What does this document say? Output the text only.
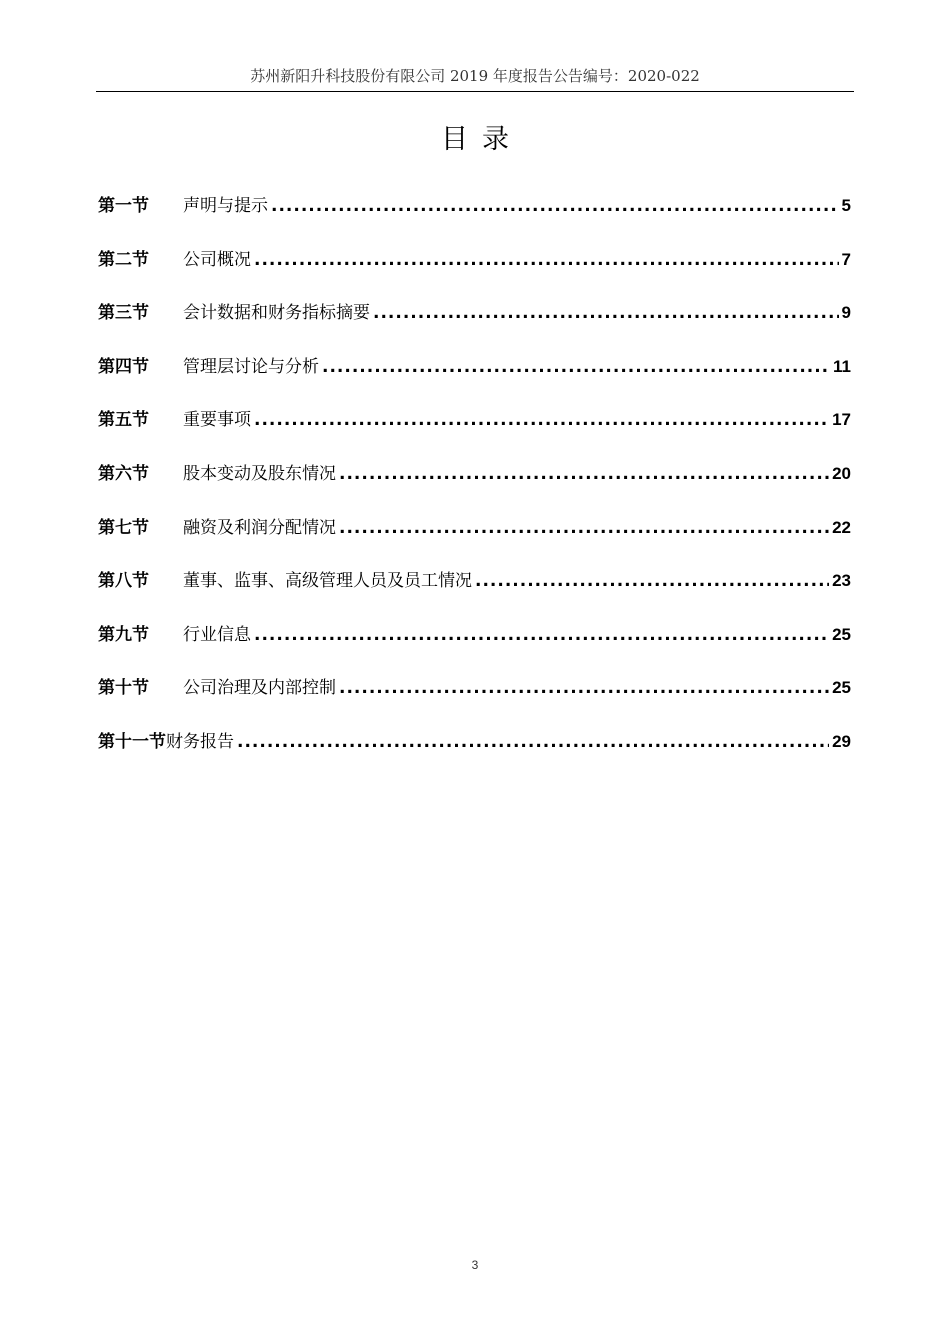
苏州新阳升科技股份有限公司 2019 年度报告公告编号：2020-022
目录
第一节	声明与提示 .....	5
第二节	公司概况 .....	7
第三节	会计数据和财务指标摘要 .....	9
第四节	管理层讨论与分析 .....	11
第五节	重要事项 .....	17
第六节	股本变动及股东情况 .....	20
第七节	融资及利润分配情况 .....	22
第八节	董事、监事、高级管理人员及员工情况 .....	23
第九节	行业信息 .....	25
第十节	公司治理及内部控制 .....	25
第十一节 财务报告 .....	29
3
